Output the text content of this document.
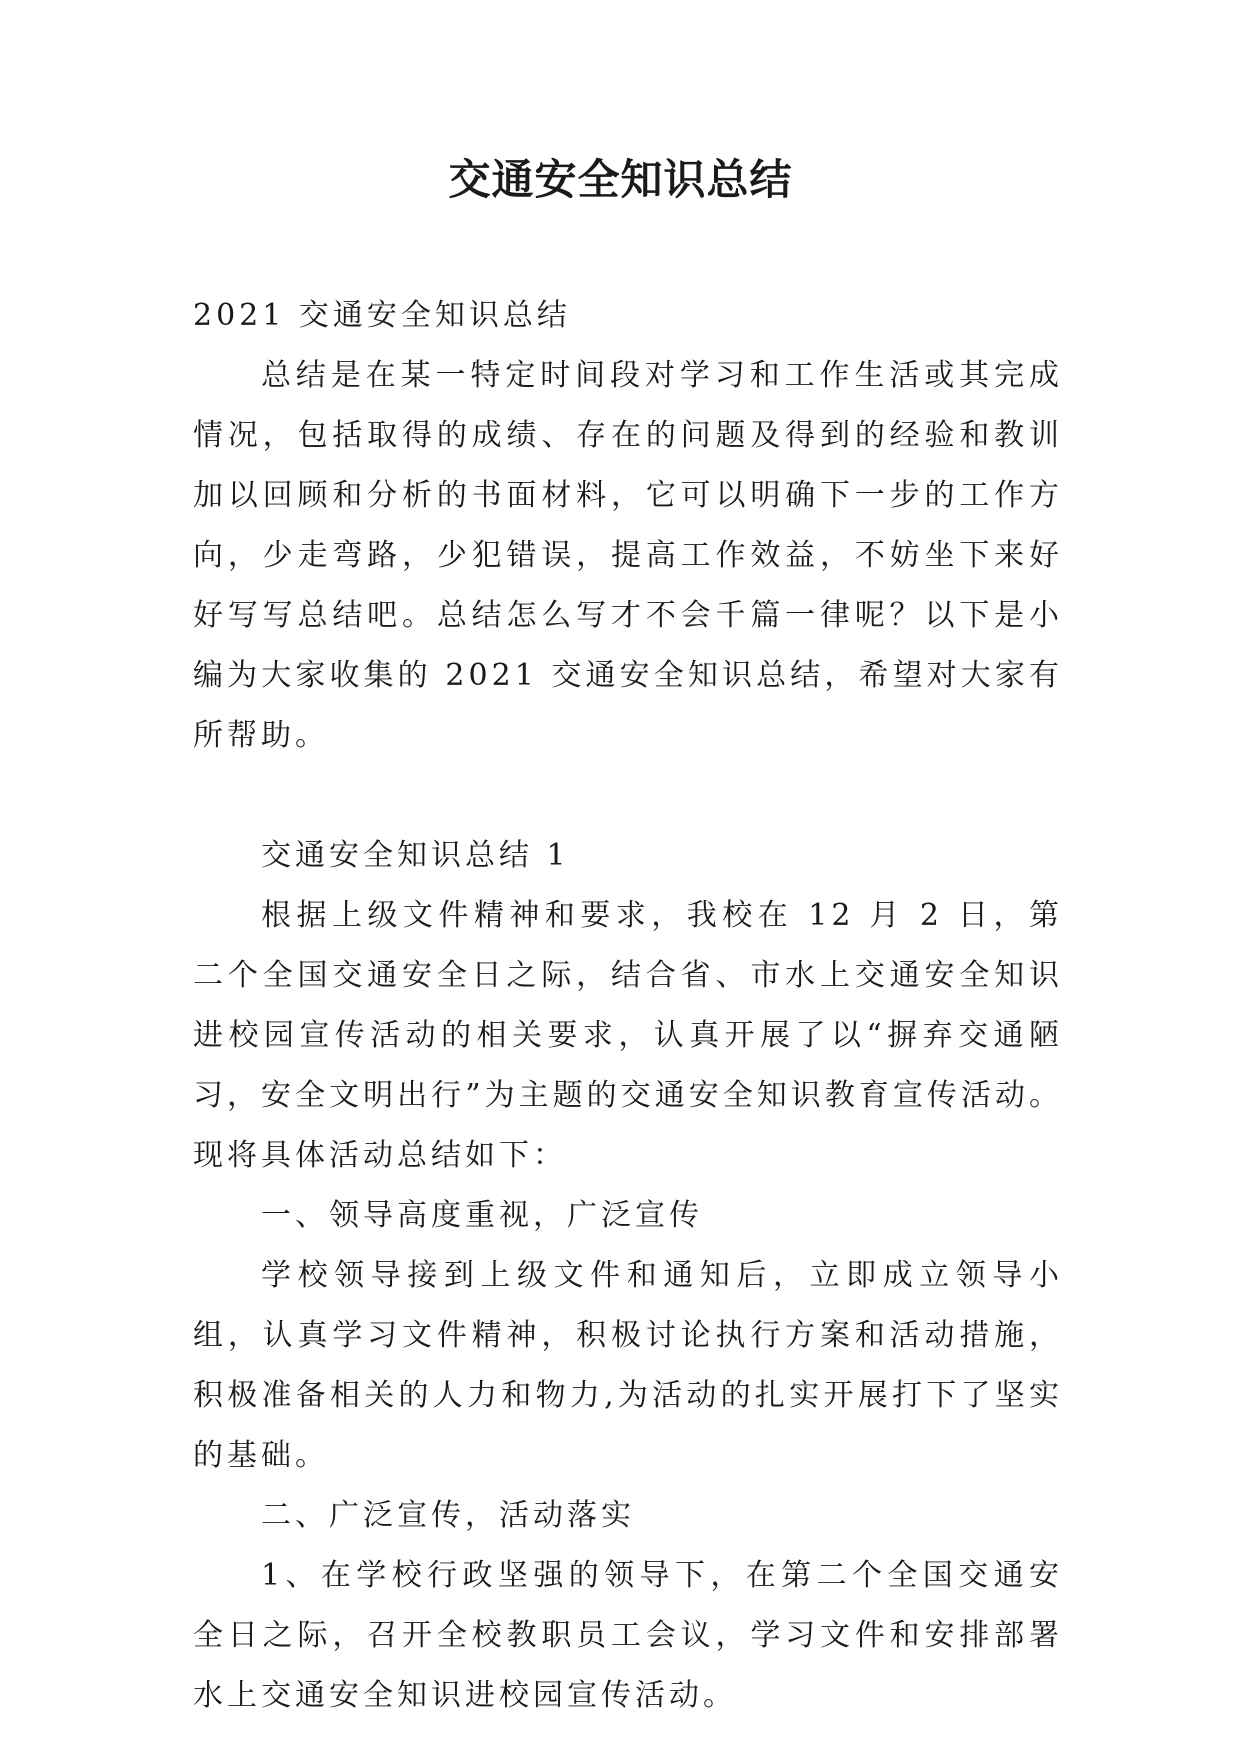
交通安全知识总结

2021 交通安全知识总结

总结是在某一特定时间段对学习和工作生活或其完成情况，包括取得的成绩、存在的问题及得到的经验和教训加以回顾和分析的书面材料，它可以明确下一步的工作方向，少走弯路，少犯错误，提高工作效益，不妨坐下来好好写写总结吧。总结怎么写才不会千篇一律呢？以下是小编为大家收集的 2021 交通安全知识总结，希望对大家有所帮助。

交通安全知识总结 1

根据上级文件精神和要求，我校在 12 月 2 日，第二个全国交通安全日之际，结合省、市水上交通安全知识进校园宣传活动的相关要求，认真开展了以“摒弃交通陋习，安全文明出行”为主题的交通安全知识教育宣传活动。现将具体活动总结如下：

一、领导高度重视，广泛宣传

学校领导接到上级文件和通知后，立即成立领导小组，认真学习文件精神，积极讨论执行方案和活动措施，积极准备相关的人力和物力,为活动的扎实开展打下了坚实的基础。

二、广泛宣传，活动落实

1、在学校行政坚强的领导下，在第二个全国交通安全日之际，召开全校教职员工会议，学习文件和安排部署水上交通安全知识进校园宣传活动。
